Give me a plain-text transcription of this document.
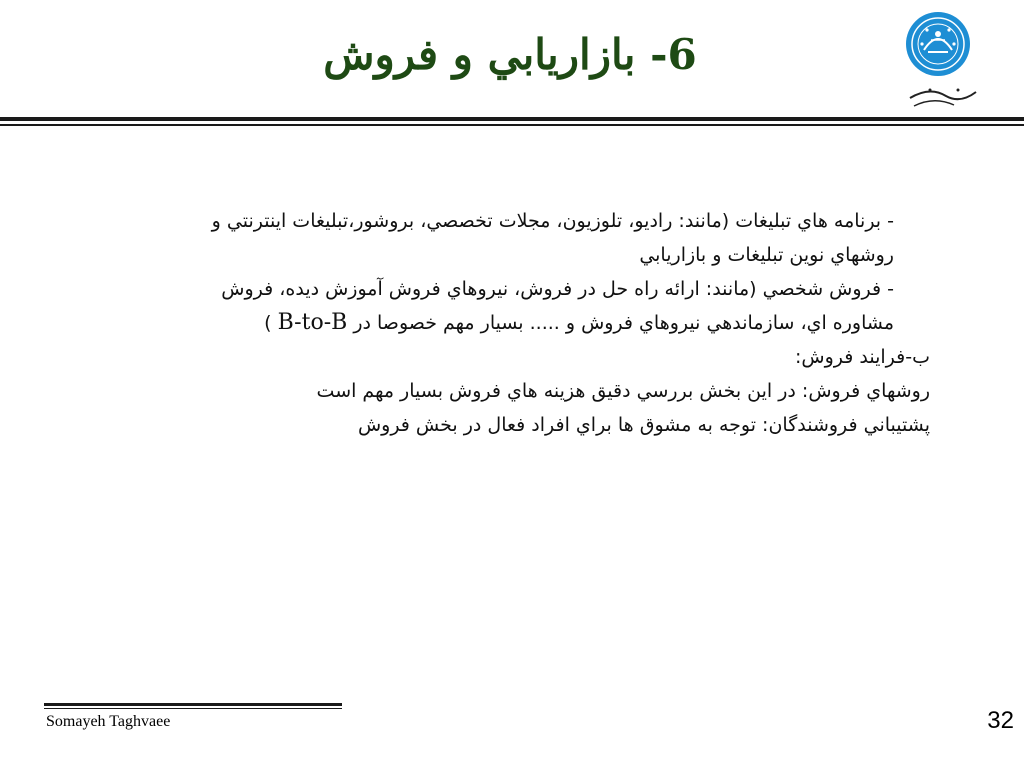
6- بازاريابي و فروش

- برنامه هاي تبليغات (مانند: راديو، تلوزيون، مجلات تخصصي، بروشور،تبليغات اينترنتي و

روشهاي نوين تبليغات و بازاريابي

- فروش شخصي (مانند: ارائه راه حل در فروش، نيروهاي فروش آموزش ديده، فروش

مشاوره اي، سازماندهي نيروهاي فروش و ..... بسيار مهم خصوصا در B-to-B )

ب-فرايند فروش:

روشهاي فروش: در اين بخش بررسي دقيق هزينه هاي فروش بسيار مهم است

پشتيباني فروشندگان: توجه به مشوق ها براي افراد فعال در بخش فروش

Somayeh Taghvaee	32
